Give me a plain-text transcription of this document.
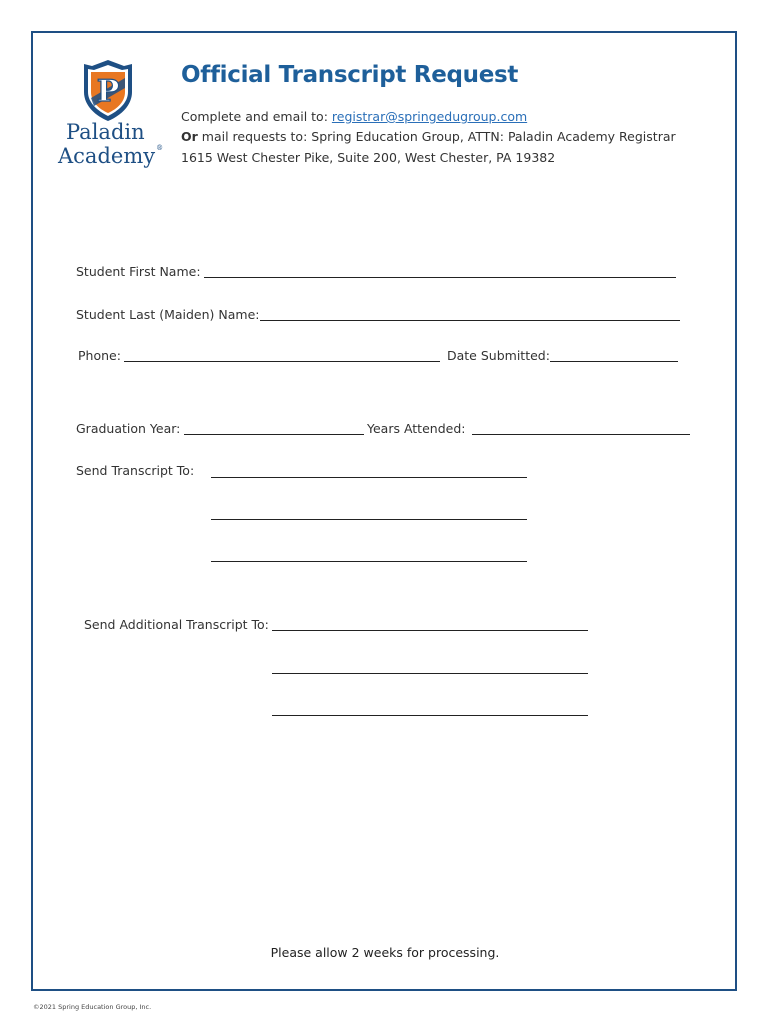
P
Paladin
Academy®
Official Transcript Request
Complete and email to: registrar@springedugroup.com
Or mail requests to: Spring Education Group, ATTN: Paladin Academy Registrar
1615 West Chester Pike, Suite 200, West Chester, PA 19382
Student First Name:
Student Last (Maiden) Name:
Phone:	Date Submitted:
Graduation Year:	Years Attended:
Send Transcript To:
Send Additional Transcript To:
Please allow 2 weeks for processing.
©2021 Spring Education Group, Inc.
